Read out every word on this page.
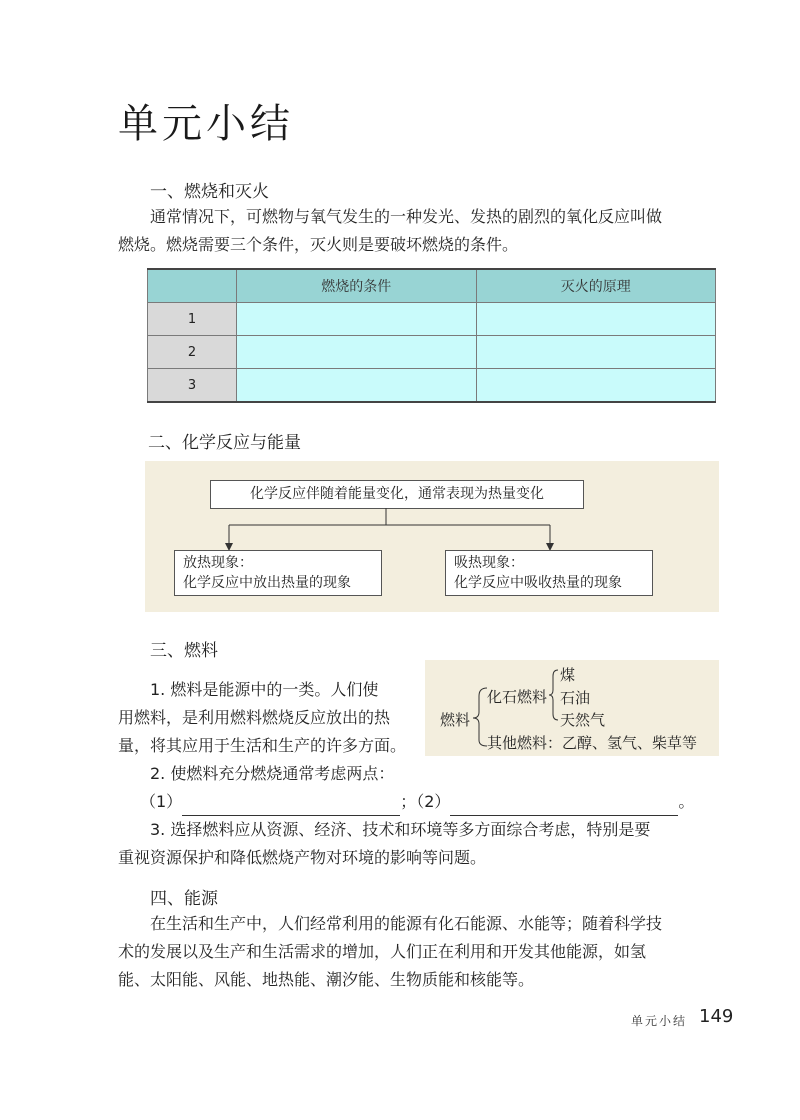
单元小结
一、燃烧和灭火
通常情况下，可燃物与氧气发生的一种发光、发热的剧烈的氧化反应叫做
燃烧。燃烧需要三个条件，灭火则是要破坏燃烧的条件。
	燃烧的条件	灭火的原理
1		
2		
3		
二、化学反应与能量
化学反应伴随着能量变化，通常表现为热量变化
放热现象：
化学反应中放出热量的现象
吸热现象：
化学反应中吸收热量的现象
三、燃料
1. 燃料是能源中的一类。人们使
用燃料，是利用燃料燃烧反应放出的热
量，将其应用于生活和生产的许多方面。
燃料
化石燃料
煤
石油
天然气
其他燃料：乙醇、氢气、柴草等
2. 使燃料充分燃烧通常考虑两点：
（1）	；（2）	。
3. 选择燃料应从资源、经济、技术和环境等多方面综合考虑，特别是要
重视资源保护和降低燃烧产物对环境的影响等问题。
四、能源
在生活和生产中，人们经常利用的能源有化石能源、水能等；随着科学技
术的发展以及生产和生活需求的增加，人们正在利用和开发其他能源，如氢
能、太阳能、风能、地热能、潮汐能、生物质能和核能等。
单元小结 149
